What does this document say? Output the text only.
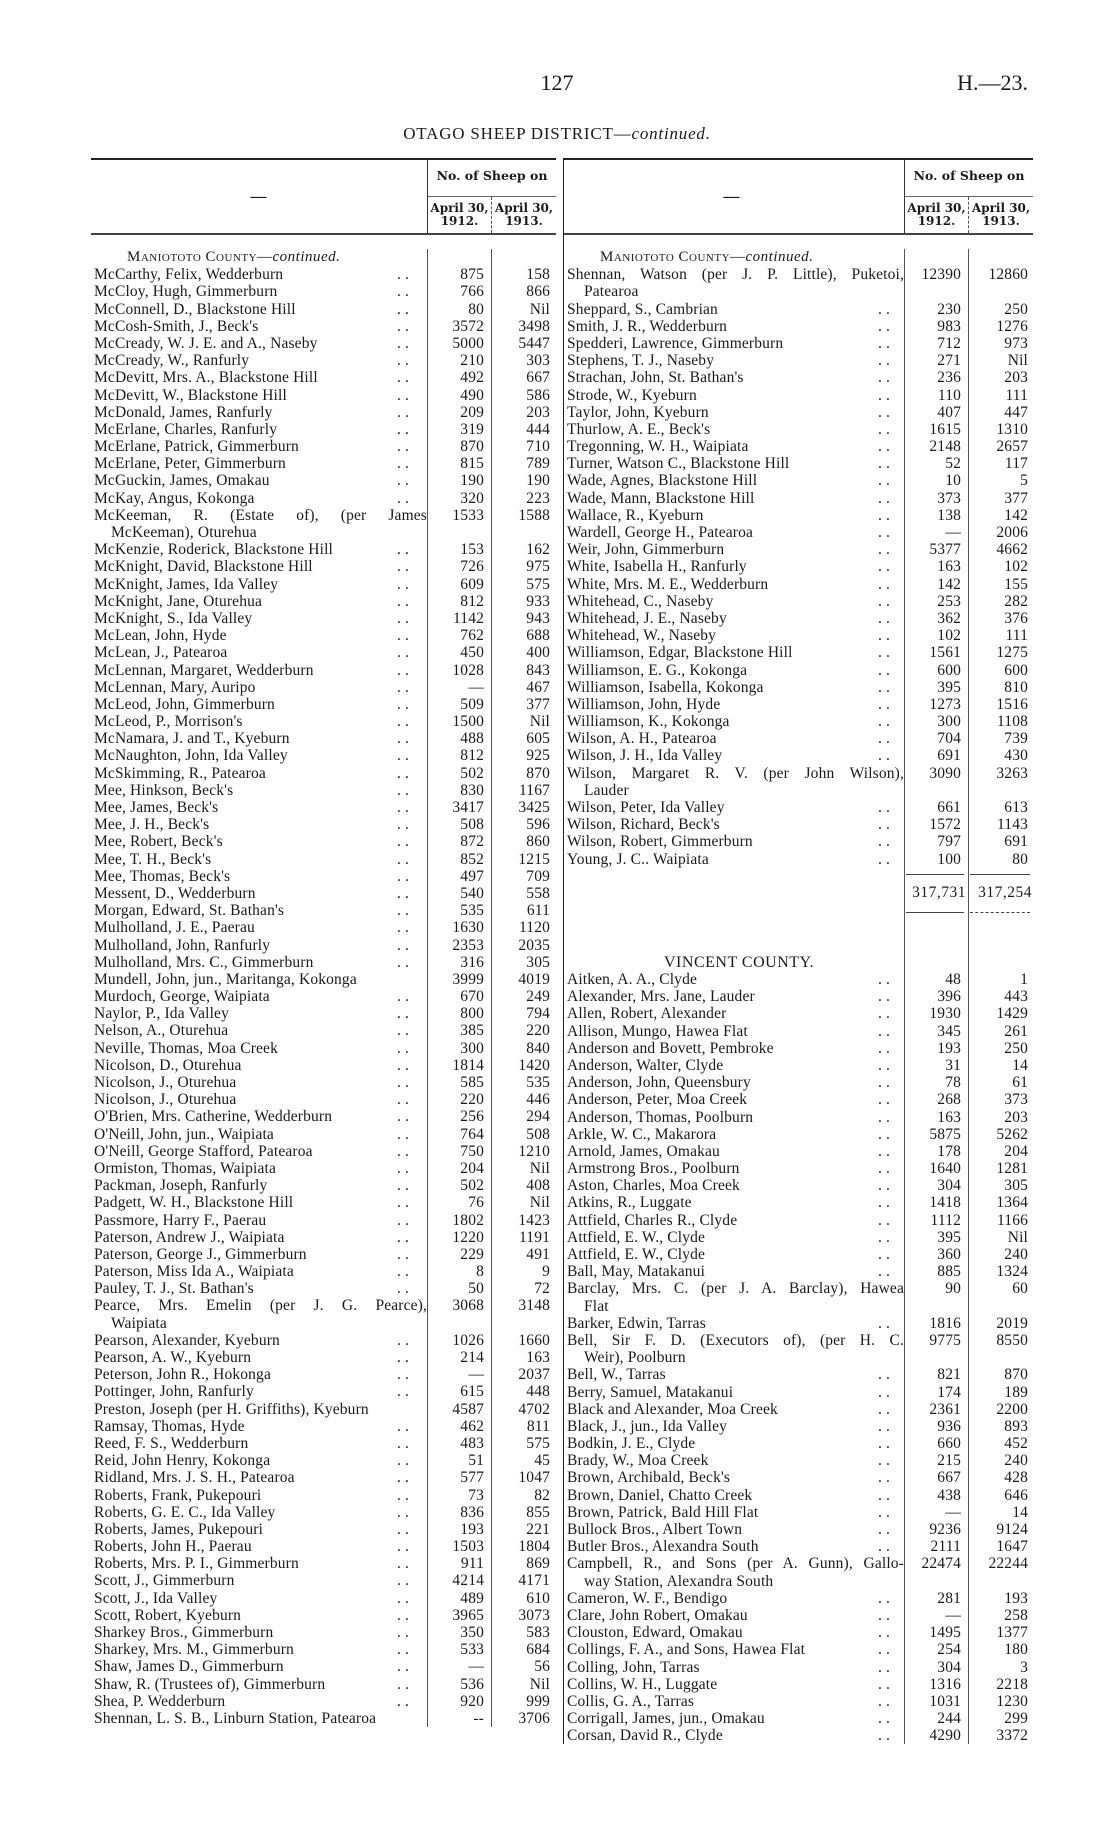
127	H.—23.
OTAGO SHEEP DISTRICT—continued.
—
No. of Sheep on
April 30, 1912.
April 30, 1913.
Maniototo County—continued.
McCarthy, Felix, Wedderburn	. .	875	158
McCloy, Hugh, Gimmerburn	. .	766	866
McConnell, D., Blackstone Hill	. .	80	Nil
McCosh-Smith, J., Beck's	. .	3572	3498
McCready, W. J. E. and A., Naseby	. .	5000	5447
McCready, W., Ranfurly	. .	210	303
McDevitt, Mrs. A., Blackstone Hill	. .	492	667
McDevitt, W., Blackstone Hill	. .	490	586
McDonald, James, Ranfurly	. .	209	203
McErlane, Charles, Ranfurly	. .	319	444
McErlane, Patrick, Gimmerburn	. .	870	710
McErlane, Peter, Gimmerburn	. .	815	789
McGuckin, James, Omakau	. .	190	190
McKay, Angus, Kokonga	. .	320	223
McKeeman, R. (Estate of), (per James
McKeeman), Oturehua
1533	1588
McKenzie, Roderick, Blackstone Hill	. .	153	162
McKnight, David, Blackstone Hill	. .	726	975
McKnight, James, Ida Valley	. .	609	575
McKnight, Jane, Oturehua	. .	812	933
McKnight, S., Ida Valley	. .	1142	943
McLean, John, Hyde	. .	762	688
McLean, J., Patearoa	. .	450	400
McLennan, Margaret, Wedderburn	. .	1028	843
McLennan, Mary, Auripo	. .	—	467
McLeod, John, Gimmerburn	. .	509	377
McLeod, P., Morrison's	. .	1500	Nil
McNamara, J. and T., Kyeburn	. .	488	605
McNaughton, John, Ida Valley	. .	812	925
McSkimming, R., Patearoa	. .	502	870
Mee, Hinkson, Beck's	. .	830	1167
Mee, James, Beck's	. .	3417	3425
Mee, J. H., Beck's	. .	508	596
Mee, Robert, Beck's	. .	872	860
Mee, T. H., Beck's	. .	852	1215
Mee, Thomas, Beck's	. .	497	709
Messent, D., Wedderburn	. .	540	558
Morgan, Edward, St. Bathan's	. .	535	611
Mulholland, J. E., Paerau	. .	1630	1120
Mulholland, John, Ranfurly	. .	2353	2035
Mulholland, Mrs. C., Gimmerburn	. .	316	305
Mundell, John, jun., Maritanga, Kokonga	3999	4019
Murdoch, George, Waipiata	. .	670	249
Naylor, P., Ida Valley	. .	800	794
Nelson, A., Oturehua	. .	385	220
Neville, Thomas, Moa Creek	. .	300	840
Nicolson, D., Oturehua	. .	1814	1420
Nicolson, J., Oturehua	. .	585	535
Nicolson, J., Oturehua	. .	220	446
O'Brien, Mrs. Catherine, Wedderburn	. .	256	294
O'Neill, John, jun., Waipiata	. .	764	508
O'Neill, George Stafford, Patearoa	. .	750	1210
Ormiston, Thomas, Waipiata	. .	204	Nil
Packman, Joseph, Ranfurly	. .	502	408
Padgett, W. H., Blackstone Hill	. .	76	Nil
Passmore, Harry F., Paerau	. .	1802	1423
Paterson, Andrew J., Waipiata	. .	1220	1191
Paterson, George J., Gimmerburn	. .	229	491
Paterson, Miss Ida A., Waipiata	. .	8	9
Pauley, T. J., St. Bathan's	. .	50	72
Pearce, Mrs. Emelin (per J. G. Pearce),
Waipiata
3068	3148
Pearson, Alexander, Kyeburn	. .	1026	1660
Pearson, A. W., Kyeburn	. .	214	163
Peterson, John R., Hokonga	. .	—	2037
Pottinger, John, Ranfurly	. .	615	448
Preston, Joseph (per H. Griffiths), Kyeburn	4587	4702
Ramsay, Thomas, Hyde	. .	462	811
Reed, F. S., Wedderburn	. .	483	575
Reid, John Henry, Kokonga	. .	51	45
Ridland, Mrs. J. S. H., Patearoa	. .	577	1047
Roberts, Frank, Pukepouri	. .	73	82
Roberts, G. E. C., Ida Valley	. .	836	855
Roberts, James, Pukepouri	. .	193	221
Roberts, John H., Paerau	. .	1503	1804
Roberts, Mrs. P. I., Gimmerburn	. .	911	869
Scott, J., Gimmerburn	. .	4214	4171
Scott, J., Ida Valley	. .	489	610
Scott, Robert, Kyeburn	. .	3965	3073
Sharkey Bros., Gimmerburn	. .	350	583
Sharkey, Mrs. M., Gimmerburn	. .	533	684
Shaw, James D., Gimmerburn	. .	—	56
Shaw, R. (Trustees of), Gimmerburn	. .	536	Nil
Shea, P. Wedderburn	. .	920	999
Shennan, L. S. B., Linburn Station, Patearoa	--	3706
—
No. of Sheep on
April 30, 1912.
April 30, 1913.
Maniototo County—continued.
Shennan, Watson (per J. P. Little), Puketoi,
Patearoa
12390	12860
Sheppard, S., Cambrian	. .	230	250
Smith, J. R., Wedderburn	. .	983	1276
Spedderi, Lawrence, Gimmerburn	. .	712	973
Stephens, T. J., Naseby	. .	271	Nil
Strachan, John, St. Bathan's	. .	236	203
Strode, W., Kyeburn	. .	110	111
Taylor, John, Kyeburn	. .	407	447
Thurlow, A. E., Beck's	. .	1615	1310
Tregonning, W. H., Waipiata	. .	2148	2657
Turner, Watson C., Blackstone Hill	. .	52	117
Wade, Agnes, Blackstone Hill	. .	10	5
Wade, Mann, Blackstone Hill	. .	373	377
Wallace, R., Kyeburn	. .	138	142
Wardell, George H., Patearoa	. .	—	2006
Weir, John, Gimmerburn	. .	5377	4662
White, Isabella H., Ranfurly	. .	163	102
White, Mrs. M. E., Wedderburn	. .	142	155
Whitehead, C., Naseby	. .	253	282
Whitehead, J. E., Naseby	. .	362	376
Whitehead, W., Naseby	. .	102	111
Williamson, Edgar, Blackstone Hill	. .	1561	1275
Williamson, E. G., Kokonga	. .	600	600
Williamson, Isabella, Kokonga	. .	395	810
Williamson, John, Hyde	. .	1273	1516
Williamson, K., Kokonga	. .	300	1108
Wilson, A. H., Patearoa	. .	704	739
Wilson, J. H., Ida Valley	. .	691	430
Wilson, Margaret R. V. (per John Wilson),
Lauder
3090	3263
Wilson, Peter, Ida Valley	. .	661	613
Wilson, Richard, Beck's	. .	1572	1143
Wilson, Robert, Gimmerburn	. .	797	691
Young, J. C.. Waipiata	. .	100	80
317,731 317,254
VINCENT COUNTY.
Aitken, A. A., Clyde	. .	48	1
Alexander, Mrs. Jane, Lauder	. .	396	443
Allen, Robert, Alexander	. .	1930	1429
Allison, Mungo, Hawea Flat	. .	345	261
Anderson and Bovett, Pembroke	. .	193	250
Anderson, Walter, Clyde	. .	31	14
Anderson, John, Queensbury	. .	78	61
Anderson, Peter, Moa Creek	. .	268	373
Anderson, Thomas, Poolburn	. .	163	203
Arkle, W. C., Makarora	. .	5875	5262
Arnold, James, Omakau	. .	178	204
Armstrong Bros., Poolburn	. .	1640	1281
Aston, Charles, Moa Creek	. .	304	305
Atkins, R., Luggate	. .	1418	1364
Attfield, Charles R., Clyde	. .	1112	1166
Attfield, E. W., Clyde	. .	395	Nil
Attfield, E. W., Clyde	. .	360	240
Ball, May, Matakanui	. .	885	1324
Barclay, Mrs. C. (per J. A. Barclay), Hawea
Flat
90	60
Barker, Edwin, Tarras	. .	1816	2019
Bell, Sir F. D. (Executors of), (per H. C.
Weir), Poolburn
9775	8550
Bell, W., Tarras	. .	821	870
Berry, Samuel, Matakanui	. .	174	189
Black and Alexander, Moa Creek	. .	2361	2200
Black, J., jun., Ida Valley	. .	936	893
Bodkin, J. E., Clyde	. .	660	452
Brady, W., Moa Creek	. .	215	240
Brown, Archibald, Beck's	. .	667	428
Brown, Daniel, Chatto Creek	. .	438	646
Brown, Patrick, Bald Hill Flat	. .	—	14
Bullock Bros., Albert Town	. .	9236	9124
Butler Bros., Alexandra South	. .	2111	1647
Campbell, R., and Sons (per A. Gunn), Gallo-
way Station, Alexandra South
22474	22244
Cameron, W. F., Bendigo	. .	281	193
Clare, John Robert, Omakau	. .	—	258
Clouston, Edward, Omakau	. .	1495	1377
Collings, F. A., and Sons, Hawea Flat	. .	254	180
Colling, John, Tarras	. .	304	3
Collins, W. H., Luggate	. .	1316	2218
Collis, G. A., Tarras	. .	1031	1230
Corrigall, James, jun., Omakau	. .	244	299
Corsan, David R., Clyde	. .	4290	3372
